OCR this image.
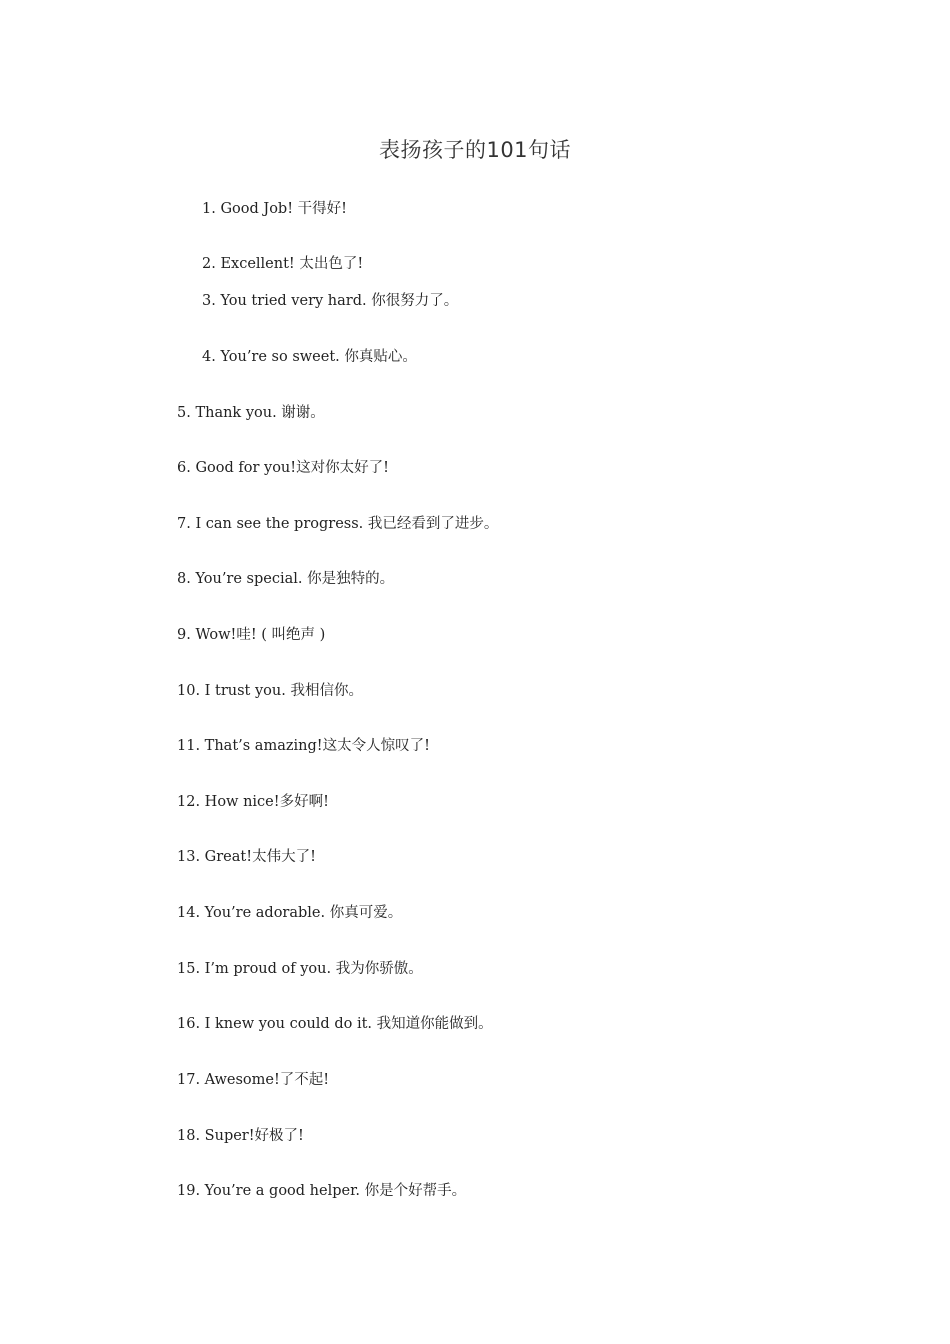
表扬孩子的101句话
1. Good Job! 干得好!
2. Excellent! 太出色了!
3. You tried very hard. 你很努力了。
4. You’re so sweet. 你真贴心。
5. Thank you. 谢谢。
6. Good for you!这对你太好了!
7. I can see the progress. 我已经看到了进步。
8. You’re special. 你是独特的。
9. Wow!哇! ( 叫绝声 )
10. I trust you. 我相信你。
11. That’s amazing!这太令人惊叹了!
12. How nice!多好啊!
13. Great!太伟大了!
14. You’re adorable. 你真可爱。
15. I’m proud of you. 我为你骄傲。
16. I knew you could do it. 我知道你能做到。
17. Awesome!了不起!
18. Super!好极了!
19. You’re a good helper. 你是个好帮手。
